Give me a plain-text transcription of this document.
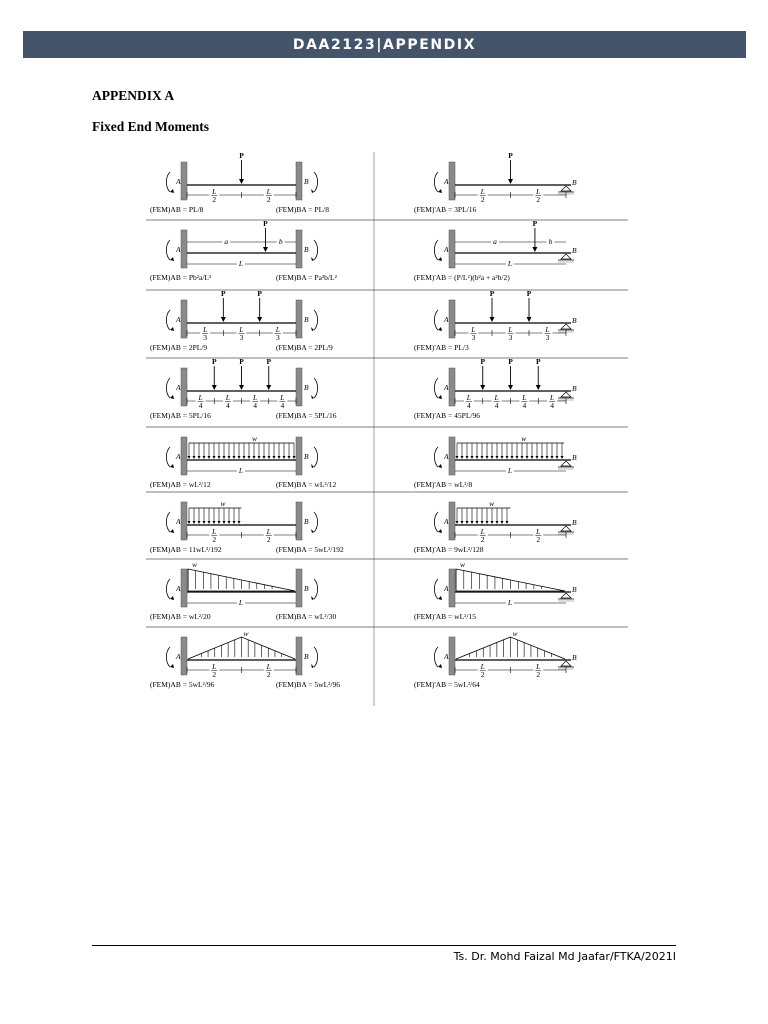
DAA2123|APPENDIX
APPENDIX A
Fixed End Moments
A	B
P
L
2
L
2
(FEM)AB = PL/8	(FEM)BA = PL/8
A	B
P
L
2
L
2
(FEM)'AB = 3PL/16
A	B
P
a	b
L
(FEM)AB = Pb²a/L²	(FEM)BA = Pa²b/L²
A	B
P
a	b
L
(FEM)'AB = (P/L²)(b²a + a²b/2)
A	B
P	P
L
3
L
3
L
3
(FEM)AB = 2PL/9	(FEM)BA = 2PL/9
A	B
P	P
L
3
L
3
L
3
(FEM)'AB = PL/3
A	B
P	P	P
L
4
L
4
L
4
L
4
(FEM)AB = 5PL/16	(FEM)BA = 5PL/16
A	B
P	P	P
L
4
L
4
L
4
L
4
(FEM)'AB = 45PL/96
A	B
w
L
(FEM)AB = wL²/12	(FEM)BA = wL²/12
A	B
w
L
(FEM)'AB = wL²/8
A	B
w
L
2
L
2
(FEM)AB = 11wL²/192	(FEM)BA = 5wL²/192
A	B
w
L
2
L
2
(FEM)'AB = 9wL²/128
A	B
w
L
(FEM)AB = wL²/20	(FEM)BA = wL²/30
A	B
w
L
(FEM)'AB = wL²/15
A	B
w
L
2
L
2
(FEM)AB = 5wL²/96	(FEM)BA = 5wL²/96
A	B
w
L
2
L
2
(FEM)'AB = 5wL²/64
Ts. Dr. Mohd Faizal Md Jaafar/FTKA/2021I
